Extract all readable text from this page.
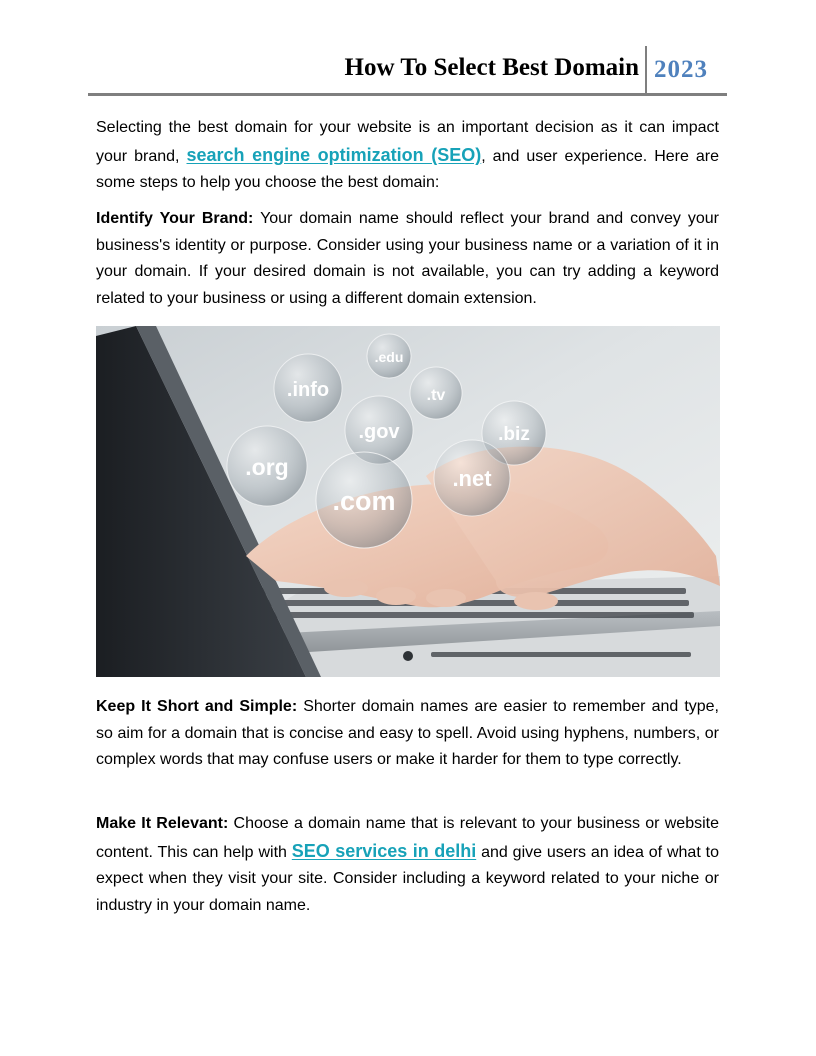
How To Select Best Domain 2023

Selecting the best domain for your website is an important decision as it can impact your brand, search engine optimization (SEO), and user experience. Here are some steps to help you choose the best domain:

Identify Your Brand: Your domain name should reflect your brand and convey your business's identity or purpose. Consider using your business name or a variation of it in your domain. If your desired domain is not available, you can try adding a keyword related to your business or using a different domain extension.

.edu
.info	.tv
.gov	.biz
.org	.net
.com

Keep It Short and Simple: Shorter domain names are easier to remember and type, so aim for a domain that is concise and easy to spell. Avoid using hyphens, numbers, or complex words that may confuse users or make it harder for them to type correctly.

Make It Relevant: Choose a domain name that is relevant to your business or website content. This can help with SEO services in delhi and give users an idea of what to expect when they visit your site. Consider including a keyword related to your niche or industry in your domain name.
